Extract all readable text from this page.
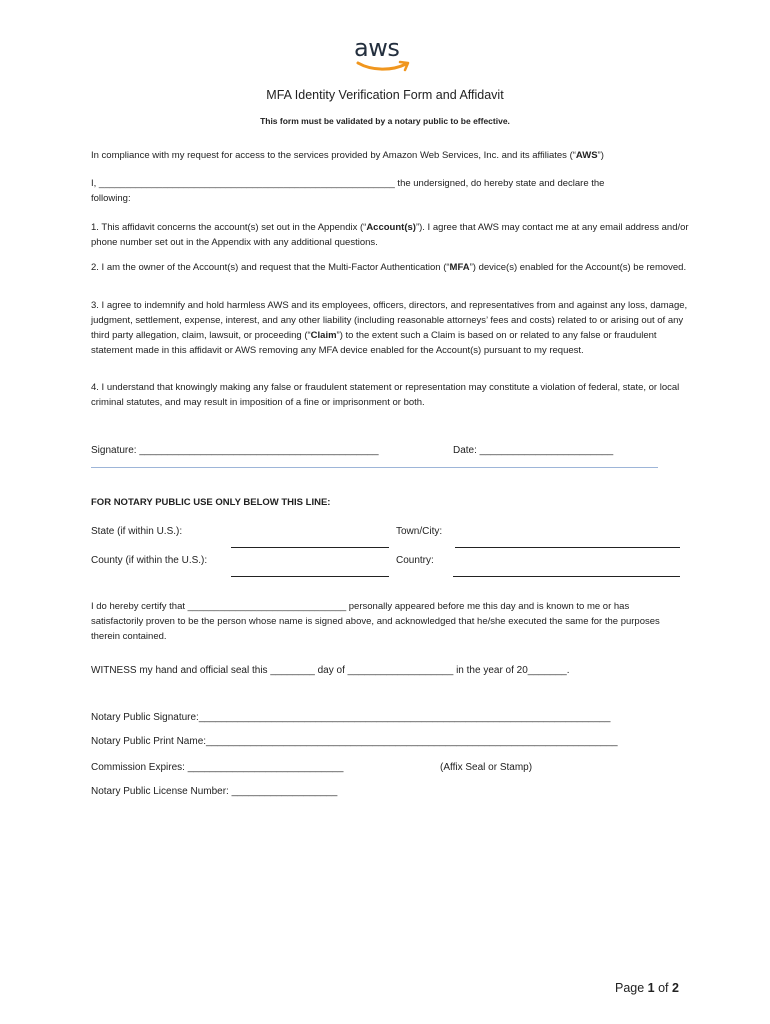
aws
MFA Identity Verification Form and Affidavit
This form must be validated by a notary public to be effective.
In compliance with my request for access to the services provided by Amazon Web Services, Inc. and its affiliates (“AWS”)
I, ________________________________________________________ the undersigned, do hereby state and declare the
following:
1. This affidavit concerns the account(s) set out in the Appendix (“Account(s)”). I agree that AWS may contact me at any email address and/or phone number set out in the Appendix with any additional questions.
2. I am the owner of the Account(s) and request that the Multi-Factor Authentication (“MFA”) device(s) enabled for the Account(s) be removed.
3. I agree to indemnify and hold harmless AWS and its employees, officers, directors, and representatives from and against any loss, damage, judgment, settlement, expense, interest, and any other liability (including reasonable attorneys’ fees and costs) related to or arising out of any third party allegation, claim, lawsuit, or proceeding (“Claim”) to the extent such a Claim is based on or related to any false or fraudulent statement made in this affidavit or AWS removing any MFA device enabled for the Account(s) pursuant to my request.
4. I understand that knowingly making any false or fraudulent statement or representation may constitute a violation of federal, state, or local criminal statutes, and may result in imposition of a fine or imprisonment or both.
Signature: ___________________________________________	Date: ________________________
FOR NOTARY PUBLIC USE ONLY BELOW THIS LINE:
State (if within U.S.):	Town/City:
County (if within the U.S.):	Country:
I do hereby certify that ______________________________ personally appeared before me this day and is known to me or has satisfactorily proven to be the person whose name is signed above, and acknowledged that he/she executed the same for the purposes therein contained.
WITNESS my hand and official seal this ________ day of ___________________ in the year of 20_______.
Notary Public Signature:__________________________________________________________________________
Notary Public Print Name:__________________________________________________________________________
Commission Expires: ____________________________	(Affix Seal or Stamp)
Notary Public License Number: ___________________
Page 1 of 2
